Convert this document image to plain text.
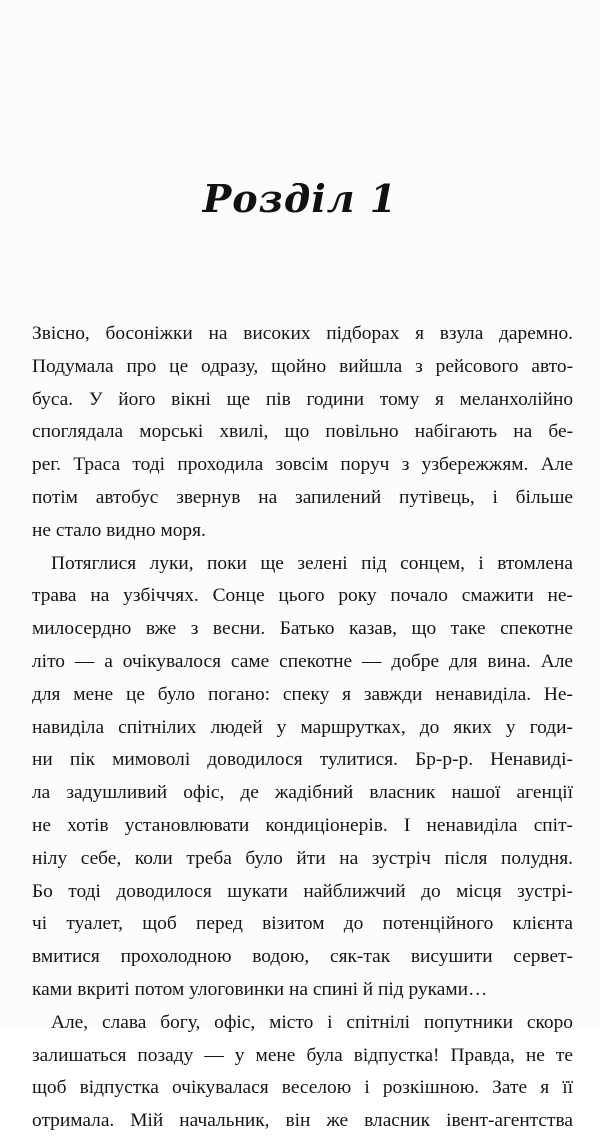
Розділ 1

Звісно, босоніжки на високих підборах я взула даремно.
Подумала про це одразу, щойно вийшла з рейсового авто-
буса. У його вікні ще пів години тому я меланхолійно
споглядала морські хвилі, що повільно набігають на бе-
рег. Траса тоді проходила зовсім поруч з узбережжям. Але
потім автобус звернув на запилений путівець, і більше
не стало видно моря.

Потяглися луки, поки ще зелені під сонцем, і втомлена
трава на узбіччях. Сонце цього року почало смажити не-
милосердно вже з весни. Батько казав, що таке спекотне
літо — а очікувалося саме спекотне — добре для вина. Але
для мене це було погано: спеку я завжди ненавиділа. Не-
навиділа спітнілих людей у маршрутках, до яких у годи-
ни пік мимоволі доводилося тулитися. Бр-р-р. Ненавиді-
ла задушливий офіс, де жадібний власник нашої агенції
не хотів установлювати кондиціонерів. І ненавиділа спіт-
нілу себе, коли треба було йти на зустріч після полудня.
Бо тоді доводилося шукати найближчий до місця зустрі-
чі туалет, щоб перед візитом до потенційного клієнта
вмитися прохолодною водою, сяк-так висушити сервет-
ками вкриті потом улоговинки на спині й під руками…

Але, слава богу, офіс, місто і спітнілі попутники скоро
залишаться позаду — у мене була відпустка! Правда, не те
щоб відпустка очікувалася веселою і розкішною. Зате я її
отримала. Мій начальник, він же власник івент-агентства
